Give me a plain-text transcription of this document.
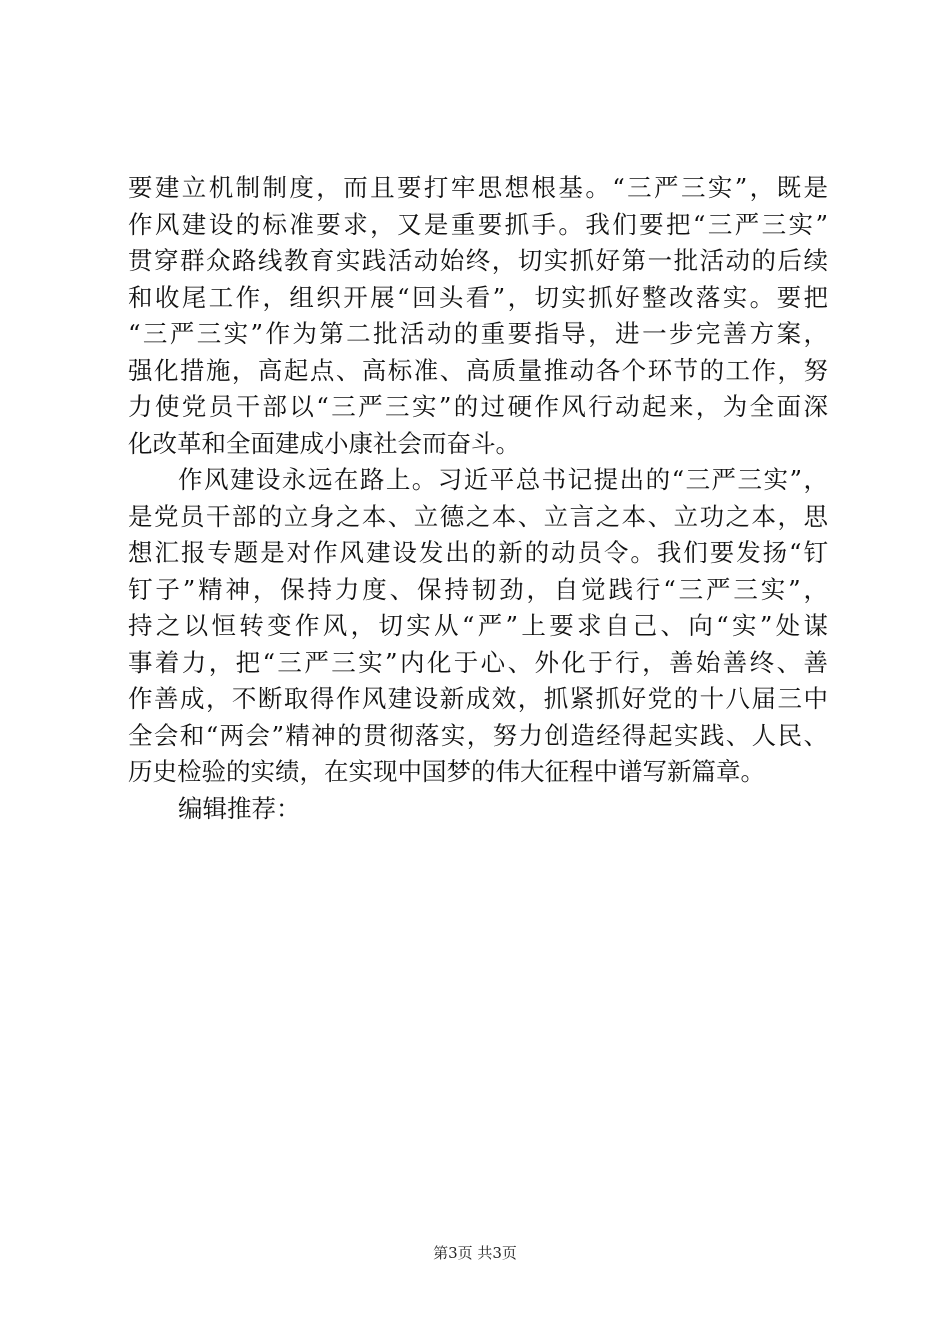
要建立机制制度，而且要打牢思想根基。“三严三实”，既是
作风建设的标准要求，又是重要抓手。我们要把“三严三实”
贯穿群众路线教育实践活动始终，切实抓好第一批活动的后续
和收尾工作，组织开展“回头看”，切实抓好整改落实。要把
“三严三实”作为第二批活动的重要指导，进一步完善方案，
强化措施，高起点、高标准、高质量推动各个环节的工作，努
力使党员干部以“三严三实”的过硬作风行动起来，为全面深
化改革和全面建成小康社会而奋斗。
作风建设永远在路上。习近平总书记提出的“三严三实”，
是党员干部的立身之本、立德之本、立言之本、立功之本，思
想汇报专题是对作风建设发出的新的动员令。我们要发扬“钉
钉子”精神，保持力度、保持韧劲，自觉践行“三严三实”，
持之以恒转变作风，切实从“严”上要求自己、向“实”处谋
事着力，把“三严三实”内化于心、外化于行，善始善终、善
作善成，不断取得作风建设新成效，抓紧抓好党的十八届三中
全会和“两会”精神的贯彻落实，努力创造经得起实践、人民、
历史检验的实绩，在实现中国梦的伟大征程中谱写新篇章。
编辑推荐：
第3页 共3页
